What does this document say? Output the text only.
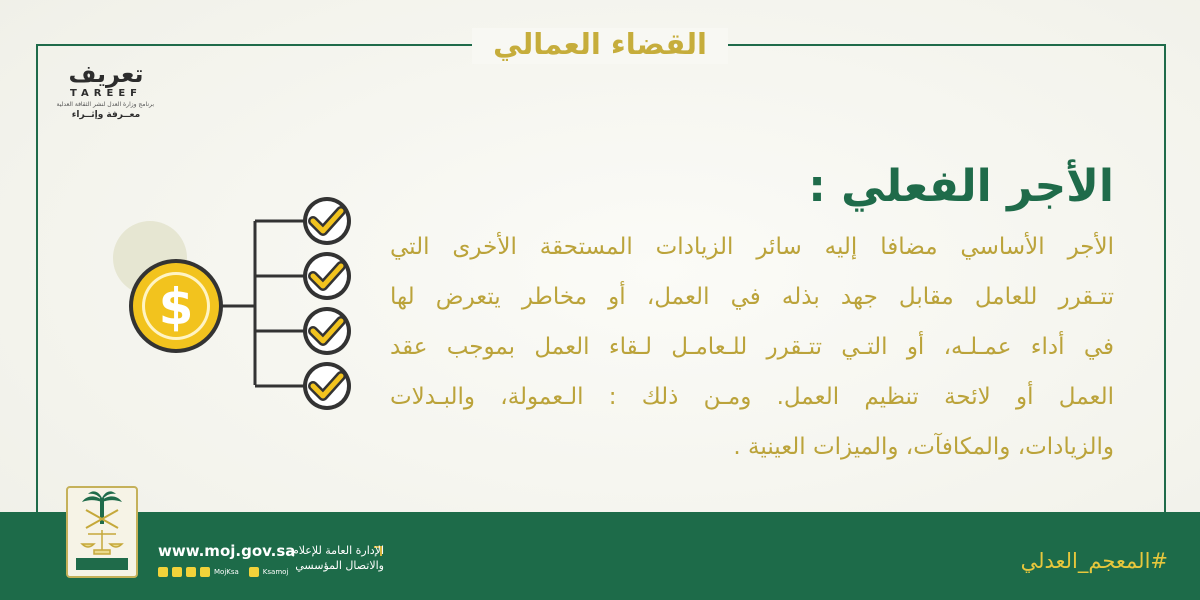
القضاء العمالي
تعريف
TAREEF
برنامج وزارة العدل لنشر الثقافة العدلية
معــرفة وإثــراء
الأجر الفعلي :
الأجر الأساسي مضافا إليه سائر الزيادات المستحقة الأخرى التي
تتـقرر للعامل مقابل جهد بذله في العمل، أو مخاطر يتعرض لها
في أداء عمـلـه، أو التـي تتـقرر للـعامـل لـقاء العمل بموجب عقد
العمل أو لائحة تنظيم العمل. ومـن ذلك : الـعمولة، والبـدلات
والزيادات، والمكافآت، والميزات العينية .
$
www.moj.gov.sa
MojKsa	Ksamoj
الإدارة العامة للإعلام
والاتصال المؤسسي	#المعجم_العدلي
